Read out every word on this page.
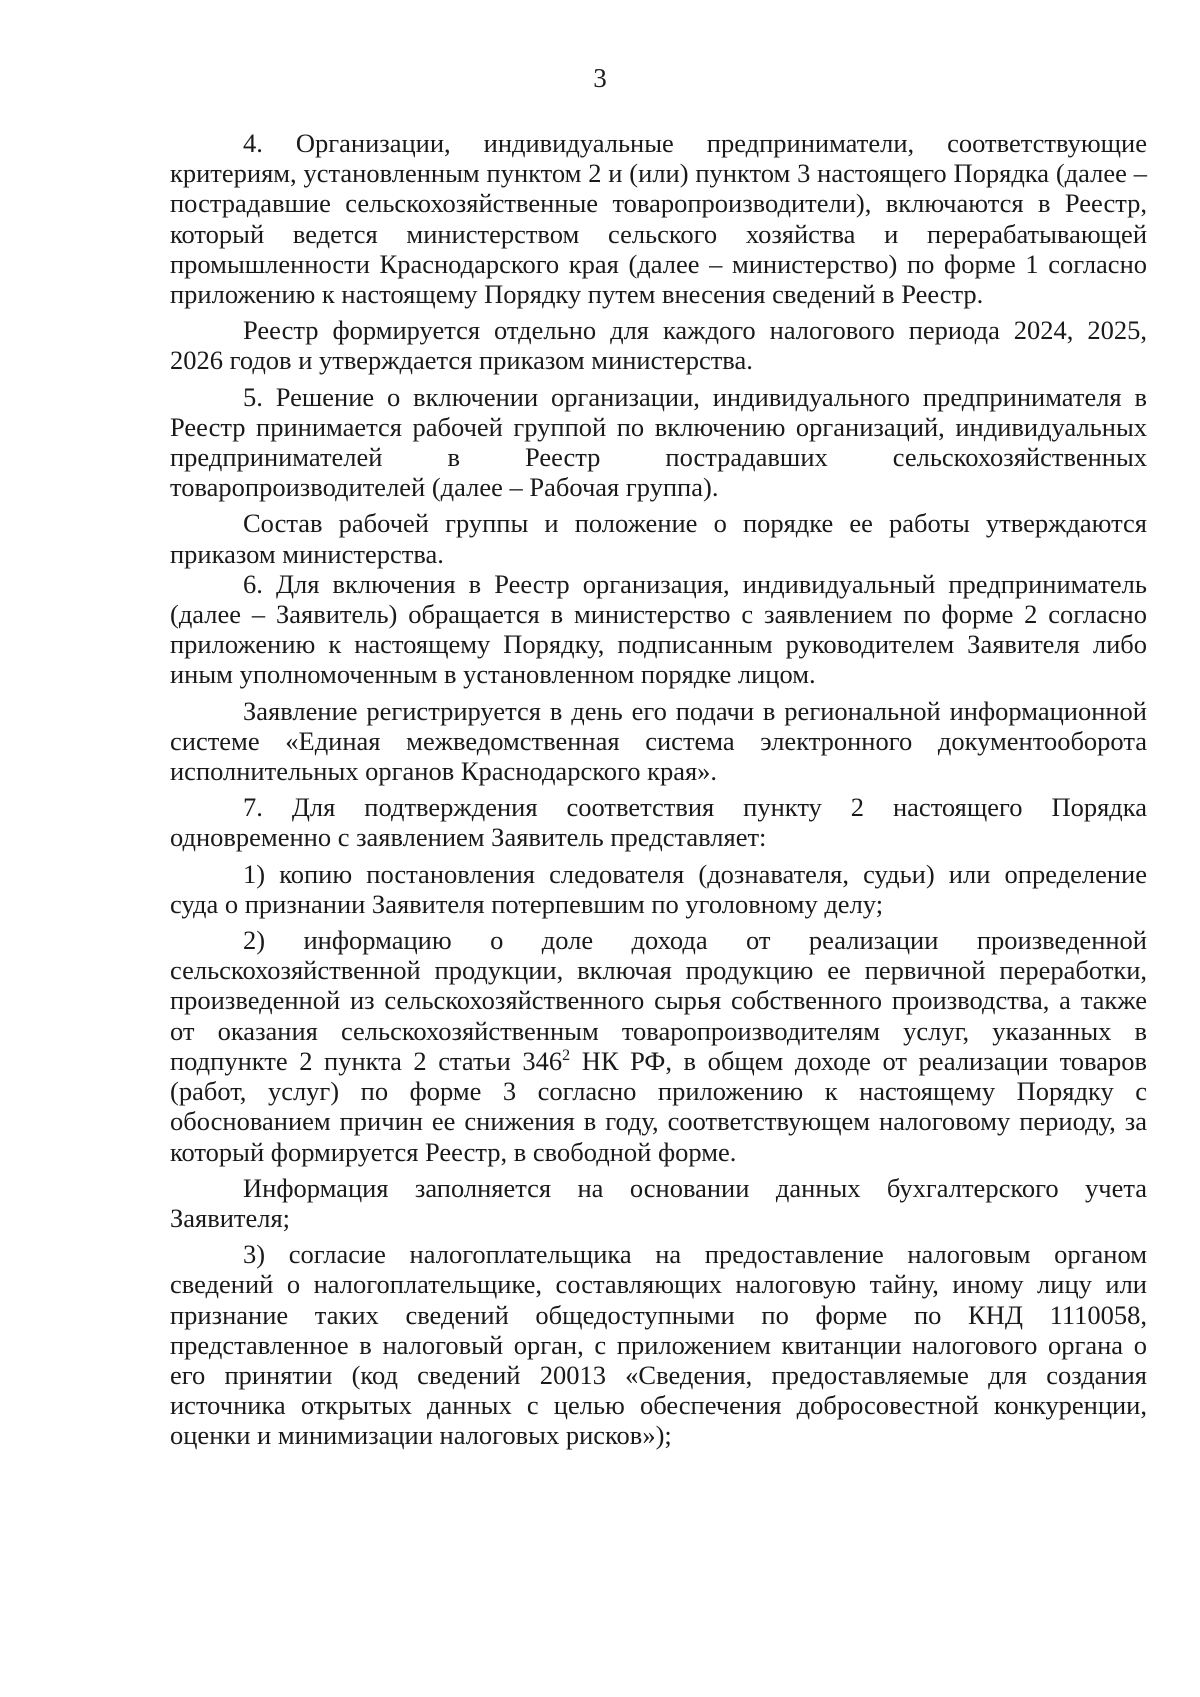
3

4. Организации, индивидуальные предприниматели, соответствующие критериям, установленным пунктом 2 и (или) пунктом 3 настоящего Порядка (далее – пострадавшие сельскохозяйственные товаропроизводители), включаются в Реестр, который ведется министерством сельского хозяйства и перерабатывающей промышленности Краснодарского края (далее – министерство) по форме 1 согласно приложению к настоящему Порядку путем внесения сведений в Реестр.

Реестр формируется отдельно для каждого налогового периода 2024, 2025, 2026 годов и утверждается приказом министерства.

5. Решение о включении организации, индивидуального предпринимателя в Реестр принимается рабочей группой по включению организаций, индивидуальных предпринимателей в Реестр пострадавших сельскохозяйственных товаропроизводителей (далее – Рабочая группа).

Состав рабочей группы и положение о порядке ее работы утверждаются приказом министерства.

6. Для включения в Реестр организация, индивидуальный предприниматель (далее – Заявитель) обращается в министерство с заявлением по форме 2 согласно приложению к настоящему Порядку, подписанным руководителем Заявителя либо иным уполномоченным в установленном порядке лицом.

Заявление регистрируется в день его подачи в региональной информационной системе «Единая межведомственная система электронного документооборота исполнительных органов Краснодарского края».

7. Для подтверждения соответствия пункту 2 настоящего Порядка одновременно с заявлением Заявитель представляет:

1) копию постановления следователя (дознавателя, судьи) или определение суда о признании Заявителя потерпевшим по уголовному делу;

2) информацию о доле дохода от реализации произведенной сельскохозяйственной продукции, включая продукцию ее первичной переработки, произведенной из сельскохозяйственного сырья собственного производства, а также от оказания сельскохозяйственным товаропроизводителям услуг, указанных в подпункте 2 пункта 2 статьи $346^2$ НК РФ, в общем доходе от реализации товаров (работ, услуг) по форме 3 согласно приложению к настоящему Порядку с обоснованием причин ее снижения в году, соответствующем налоговому периоду, за который формируется Реестр, в свободной форме.

Информация заполняется на основании данных бухгалтерского учета Заявителя;

3) согласие налогоплательщика на предоставление налоговым органом сведений о налогоплательщике, составляющих налоговую тайну, иному лицу или признание таких сведений общедоступными по форме по КНД 1110058, представленное в налоговый орган, с приложением квитанции налогового органа о его принятии (код сведений 20013 «Сведения, предоставляемые для создания источника открытых данных с целью обеспечения добросовестной конкуренции, оценки и минимизации налоговых рисков»);
